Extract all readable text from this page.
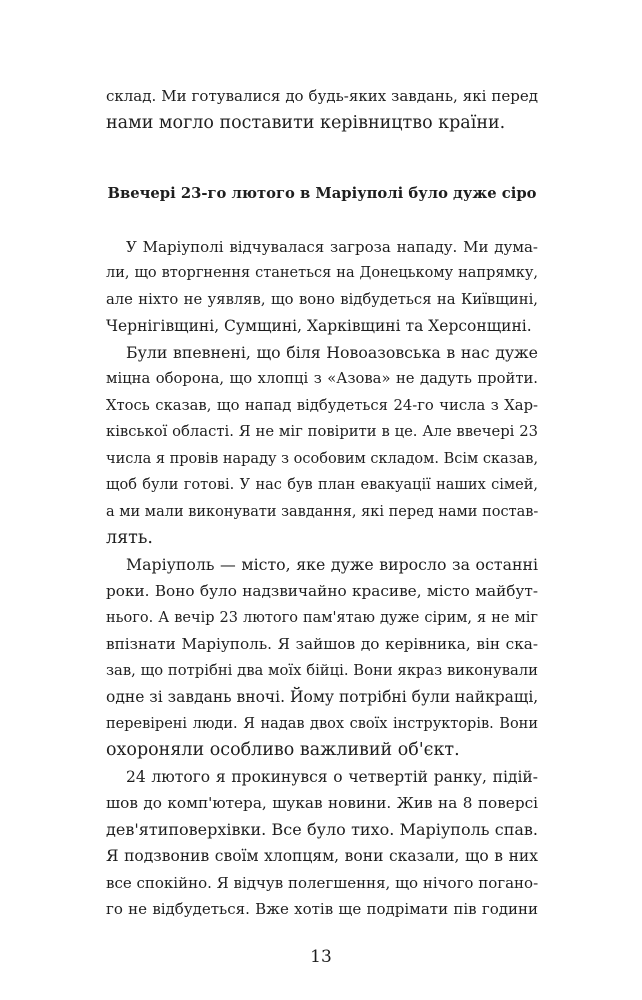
склад. Ми готувалися до будь-яких завдань, які перед
нами могло поставити керівництво країни.
Ввечері 23-го лютого в Маріуполі було дуже сіро
У Маріуполі відчувалася загроза нападу. Ми дума-
ли, що вторгнення станеться на Донецькому напрямку,
але ніхто не уявляв, що воно відбудеться на Київщині,
Чернігівщині, Сумщині, Харківщині та Херсонщині.
Були впевнені, що біля Новоазовська в нас дуже
міцна оборона, що хлопці з «Азова» не дадуть пройти.
Хтось сказав, що напад відбудеться 24-го числа з Хар-
ківської області. Я не міг повірити в це. Але ввечері 23
числа я провів нараду з особовим складом. Всім сказав,
щоб були готові. У нас був план евакуації наших сімей,
а ми мали виконувати завдання, які перед нами постав-
лять.
Маріуполь — місто, яке дуже виросло за останні
роки. Воно було надзвичайно красиве, місто майбут-
нього. А вечір 23 лютого пам'ятаю дуже сірим, я не міг
впізнати Маріуполь. Я зайшов до керівника, він ска-
зав, що потрібні два моїх бійці. Вони якраз виконували
одне зі завдань вночі. Йому потрібні були найкращі,
перевірені люди. Я надав двох своїх інструкторів. Вони
охороняли особливо важливий об'єкт.
24 лютого я прокинувся о четвертій ранку, підій-
шов до комп'ютера, шукав новини. Жив на 8 поверсі
дев'ятиповерхівки. Все було тихо. Маріуполь спав.
Я подзвонив своїм хлопцям, вони сказали, що в них
все спокійно. Я відчув полегшення, що нічого погано-
го не відбудеться. Вже хотів ще подрімати пів години
13
